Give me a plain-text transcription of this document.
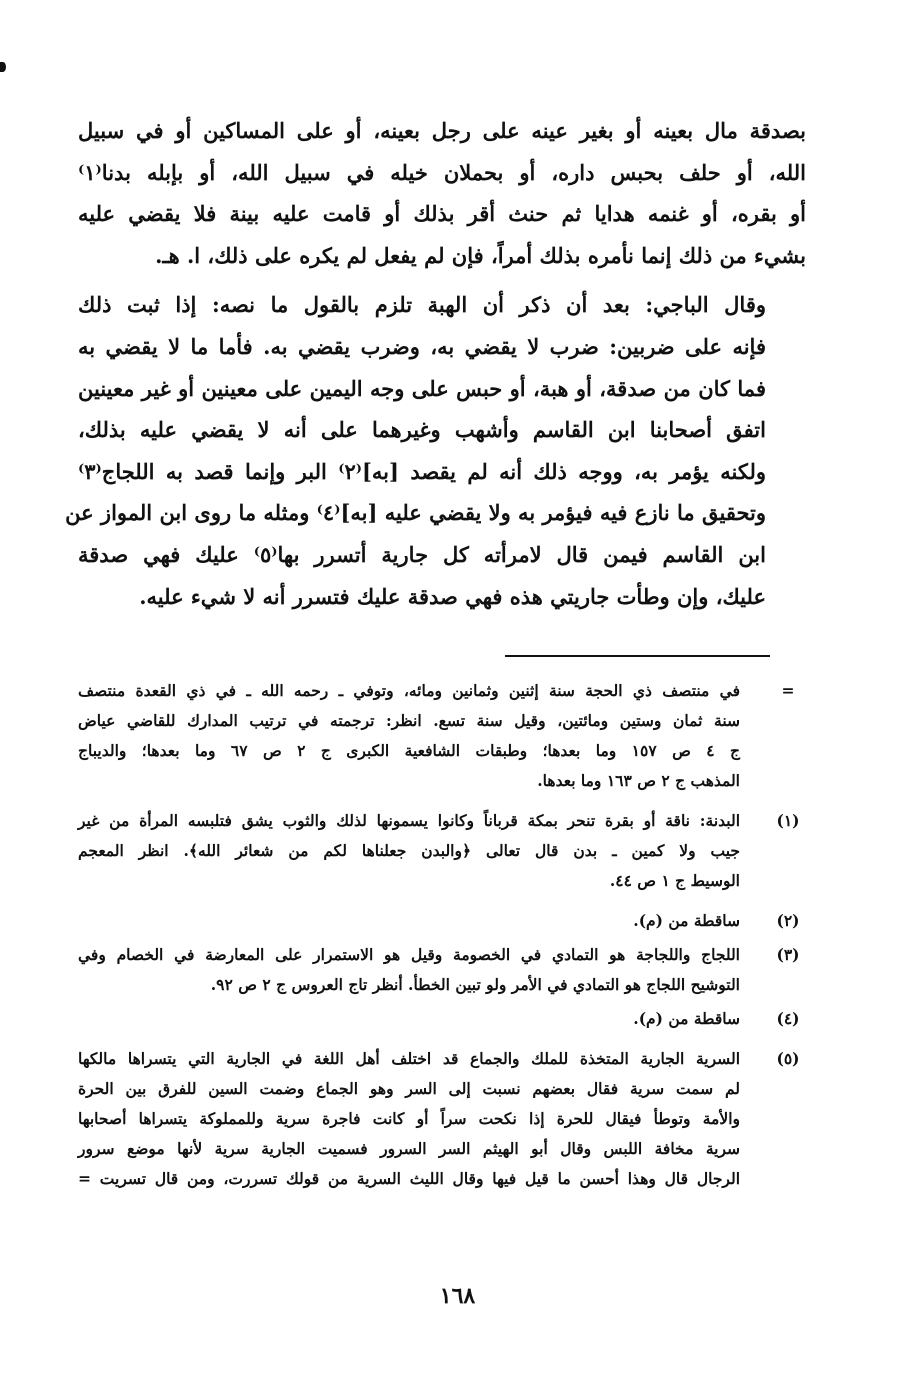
بصدقة مال بعينه أو بغير عينه على رجل بعينه، أو على المساكين أو في سبيل
الله، أو حلف بحبس داره، أو بحملان خيله في سبيل الله، أو بإبله بدنا⁽١⁾
أو بقره، أو غنمه هدايا ثم حنث أقر بذلك أو قامت عليه بينة فلا يقضي عليه
بشيء من ذلك إنما نأمره بذلك أمراً، فإن لم يفعل لم يكره على ذلك، ا. هـ.

وقال الباجي: بعد أن ذكر أن الهبة تلزم بالقول ما نصه: إذا ثبت ذلك
فإنه على ضربين: ضرب لا يقضي به، وضرب يقضي به. فأما ما لا يقضي به
فما كان من صدقة، أو هبة، أو حبس على وجه اليمين على معينين أو غير معينين
اتفق أصحابنا ابن القاسم وأشهب وغيرهما على أنه لا يقضي عليه بذلك،
ولكنه يؤمر به، ووجه ذلك أنه لم يقصد [به]⁽٢⁾ البر وإنما قصد به اللجاج⁽٣⁾
وتحقيق ما نازع فيه فيؤمر به ولا يقضي عليه [به]⁽٤⁾ ومثله ما روى ابن المواز عن
ابن القاسم فيمن قال لامرأته كل جارية أتسرر بها⁽٥⁾ عليك فهي صدقة
عليك، وإن وطأت جاريتي هذه فهي صدقة عليك فتسرر أنه لا شيء عليه.

=
في منتصف ذي الحجة سنة إثنين وثمانين ومائه، وتوفي ـ رحمه الله ـ في ذي القعدة منتصف
سنة ثمان وستين ومائتين، وقيل سنة تسع. انظر: ترجمته في ترتيب المدارك للقاضي عياض
ج ٤ ص ١٥٧ وما بعدها؛ وطبقات الشافعية الكبرى ج ٢ ص ٦٧ وما بعدها؛ والديباج
المذهب ج ٢ ص ١٦٣ وما بعدها.
(١)
البدنة: ناقة أو بقرة تنحر بمكة قرباناً وكانوا يسمونها لذلك والثوب يشق فتلبسه المرأة من غير
جيب ولا كمين ـ بدن قال تعالى ﴿والبدن جعلناها لكم من شعائر الله﴾. انظر المعجم
الوسيط ج ١ ص ٤٤.
(٢)
ساقطة من (م).
(٣)
اللجاج واللجاجة هو التمادي في الخصومة وقيل هو الاستمرار على المعارضة في الخصام وفي
التوشيح اللجاج هو التمادي في الأمر ولو تبين الخطأ. أنظر تاج العروس ج ٢ ص ٩٢.
(٤)
ساقطة من (م).
(٥)
السرية الجارية المتخذة للملك والجماع قد اختلف أهل اللغة في الجارية التي يتسراها مالكها
لم سمت سرية فقال بعضهم نسبت إلى السر وهو الجماع وضمت السين للفرق بين الحرة
والأمة وتوطأ فيقال للحرة إذا نكحت سراً أو كانت فاجرة سرية وللمملوكة يتسراها أصحابها
سرية مخافة اللبس وقال أبو الهيثم السر السرور فسميت الجارية سرية لأنها موضع سرور
الرجال قال وهذا أحسن ما قيل فيها وقال الليث السرية من قولك تسررت، ومن قال تسريت =
١٦٨
